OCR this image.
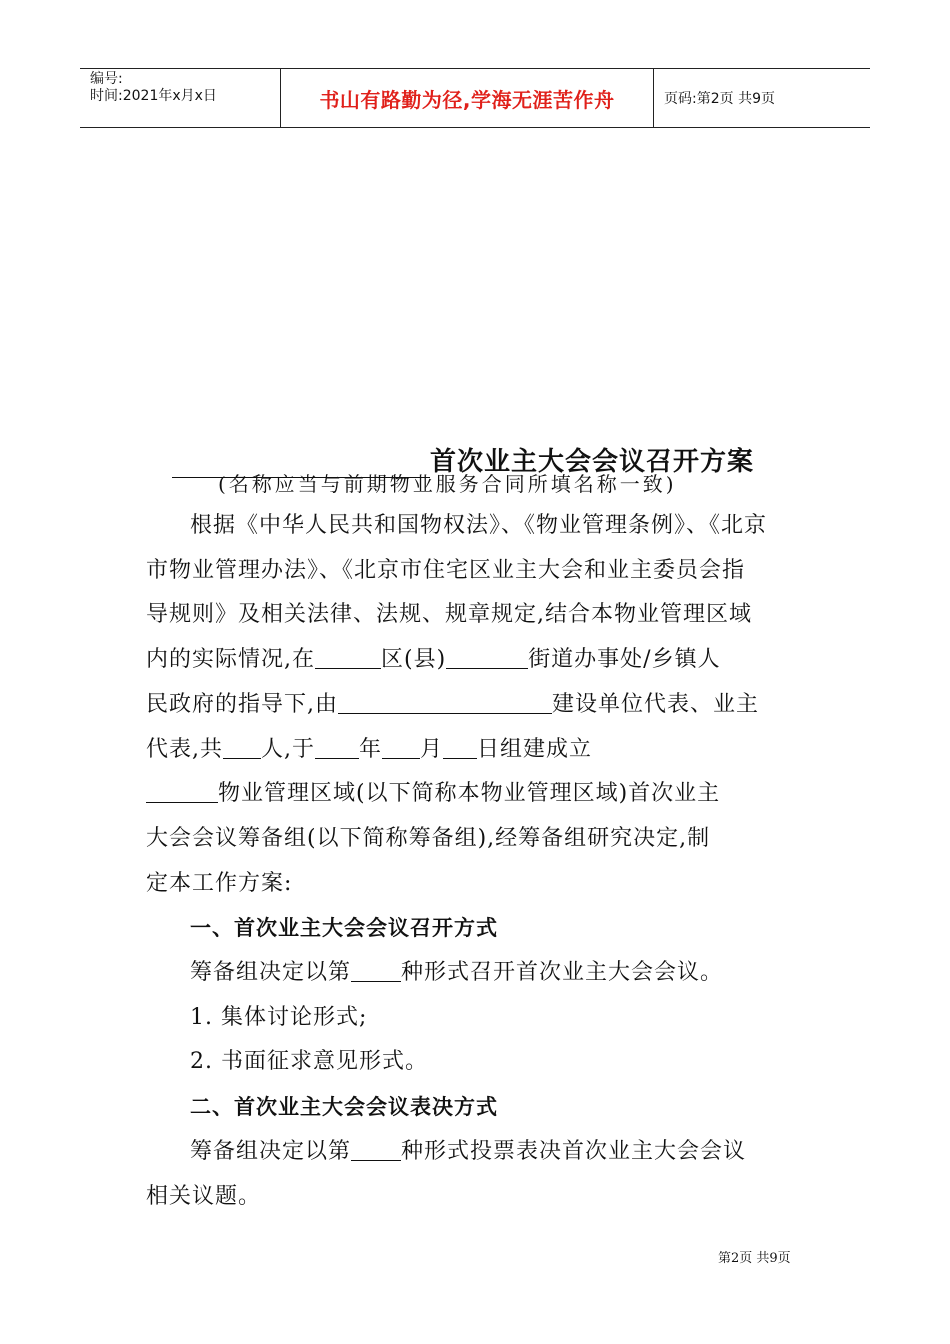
编号:
时间:2021年x月x日	书山有路勤为径,学海无涯苦作舟	页码:第2页 共9页
首次业主大会会议召开方案
(名称应当与前期物业服务合同所填名称一致)
根据《中华人民共和国物权法》、《物业管理条例》、《北京
市物业管理办法》、《北京市住宅区业主大会和业主委员会指
导规则》及相关法律、法规、规章规定,结合本物业管理区域
内的实际情况,在	区(县)	街道办事处/乡镇人
民政府的指导下,由	建设单位代表、业主
代表,共 人,于 年 月 日组建成立
物业管理区域(以下简称本物业管理区域)首次业主
大会会议筹备组(以下简称筹备组),经筹备组研究决定,制
定本工作方案:
一、首次业主大会会议召开方式
筹备组决定以第 种形式召开首次业主大会会议。
1. 集体讨论形式;
2. 书面征求意见形式。
二、首次业主大会会议表决方式
筹备组决定以第 种形式投票表决首次业主大会会议
相关议题。
第2页 共9页
